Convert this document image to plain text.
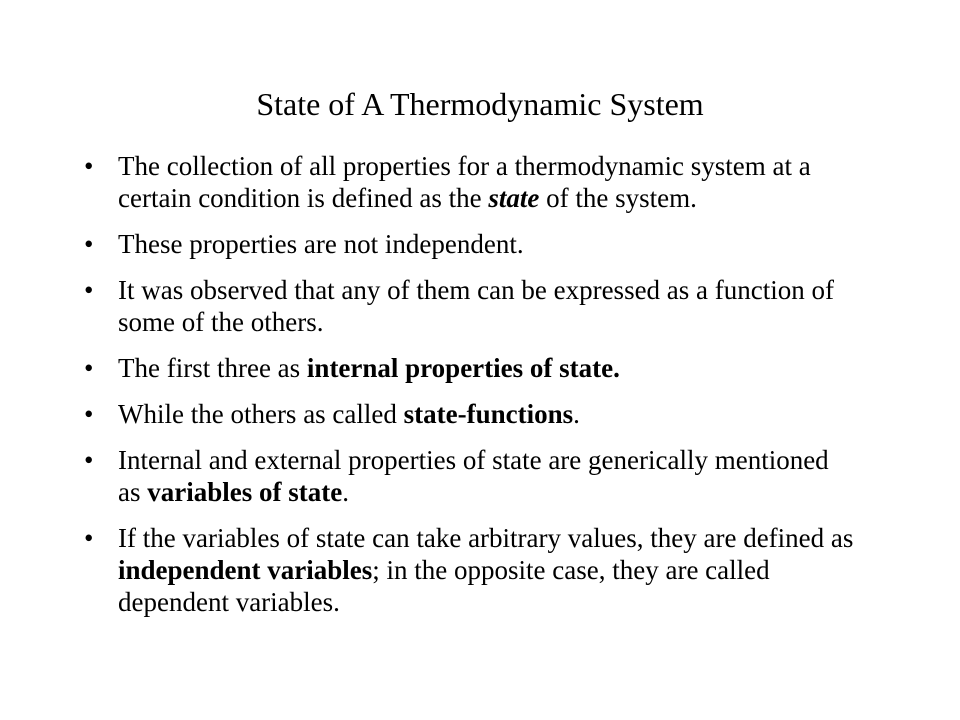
State of A Thermodynamic System
• The collection of all properties for a thermodynamic system at a certain condition is defined as the state of the system.
• These properties are not independent.
• It was observed that any of them can be expressed as a function of some of the others.
• The first three as internal properties of state.
• While the others as called state-functions.
• Internal and external properties of state are generically mentioned as variables of state.
• If the variables of state can take arbitrary values, they are defined as independent variables; in the opposite case, they are called dependent variables.
